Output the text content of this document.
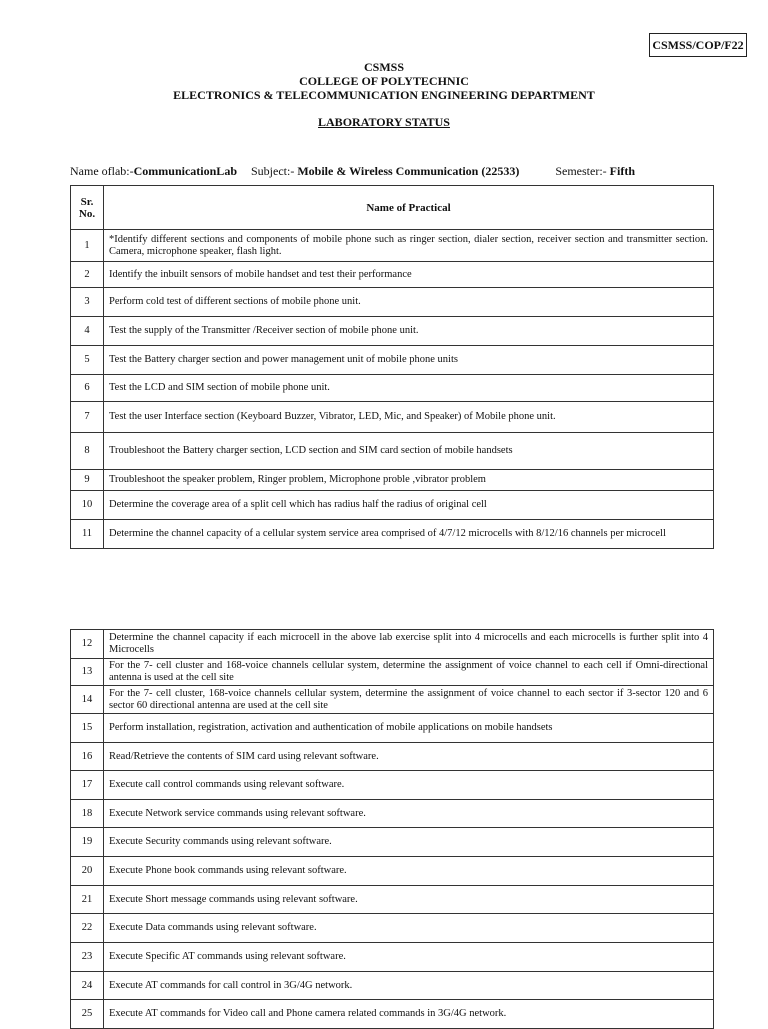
CSMSS/COP/F22
CSMSS
COLLEGE OF POLYTECHNIC
ELECTRONICS & TELECOMMUNICATION ENGINEERING DEPARTMENT
LABORATORY STATUS
Name oflab:-CommunicationLab Subject:- Mobile & Wireless Communication (22533)	Semester:- Fifth
Sr. No.	Name of Practical
1	*Identify different sections and components of mobile phone such as ringer section, dialer section, receiver section and transmitter section. Camera, microphone speaker, flash light.
2	Identify the inbuilt sensors of mobile handset and test their performance
3	Perform cold test of different sections of mobile phone unit.
4	Test the supply of the Transmitter /Receiver section of mobile phone unit.
5	Test the Battery charger section and power management unit of mobile phone units
6	Test the LCD and SIM section of mobile phone unit.
7	Test the user Interface section (Keyboard Buzzer, Vibrator, LED, Mic, and Speaker) of Mobile phone unit.
8	Troubleshoot the Battery charger section, LCD section and SIM card section of mobile handsets
9	Troubleshoot the speaker problem, Ringer problem, Microphone proble ,vibrator problem
10	Determine the coverage area of a split cell which has radius half the radius of original cell
11	Determine the channel capacity of a cellular system service area comprised of 4/7/12 microcells with 8/12/16 channels per microcell
12	Determine the channel capacity if each microcell in the above lab exercise split into 4 microcells and each microcells is further split into 4 Microcells
13	For the 7- cell cluster and 168-voice channels cellular system, determine the assignment of voice channel to each cell if Omni-directional antenna is used at the cell site
14	For the 7- cell cluster, 168-voice channels cellular system, determine the assignment of voice channel to each sector if 3-sector 120 and 6 sector 60 directional antenna are used at the cell site
15	Perform installation, registration, activation and authentication of mobile applications on mobile handsets
16	Read/Retrieve the contents of SIM card using relevant software.
17	Execute call control commands using relevant software.
18	Execute Network service commands using relevant software.
19	Execute Security commands using relevant software.
20	Execute Phone book commands using relevant software.
21	Execute Short message commands using relevant software.
22	Execute Data commands using relevant software.
23	Execute Specific AT commands using relevant software.
24	Execute AT commands for call control in 3G/4G network.
25	Execute AT commands for Video call and Phone camera related commands in 3G/4G network.
